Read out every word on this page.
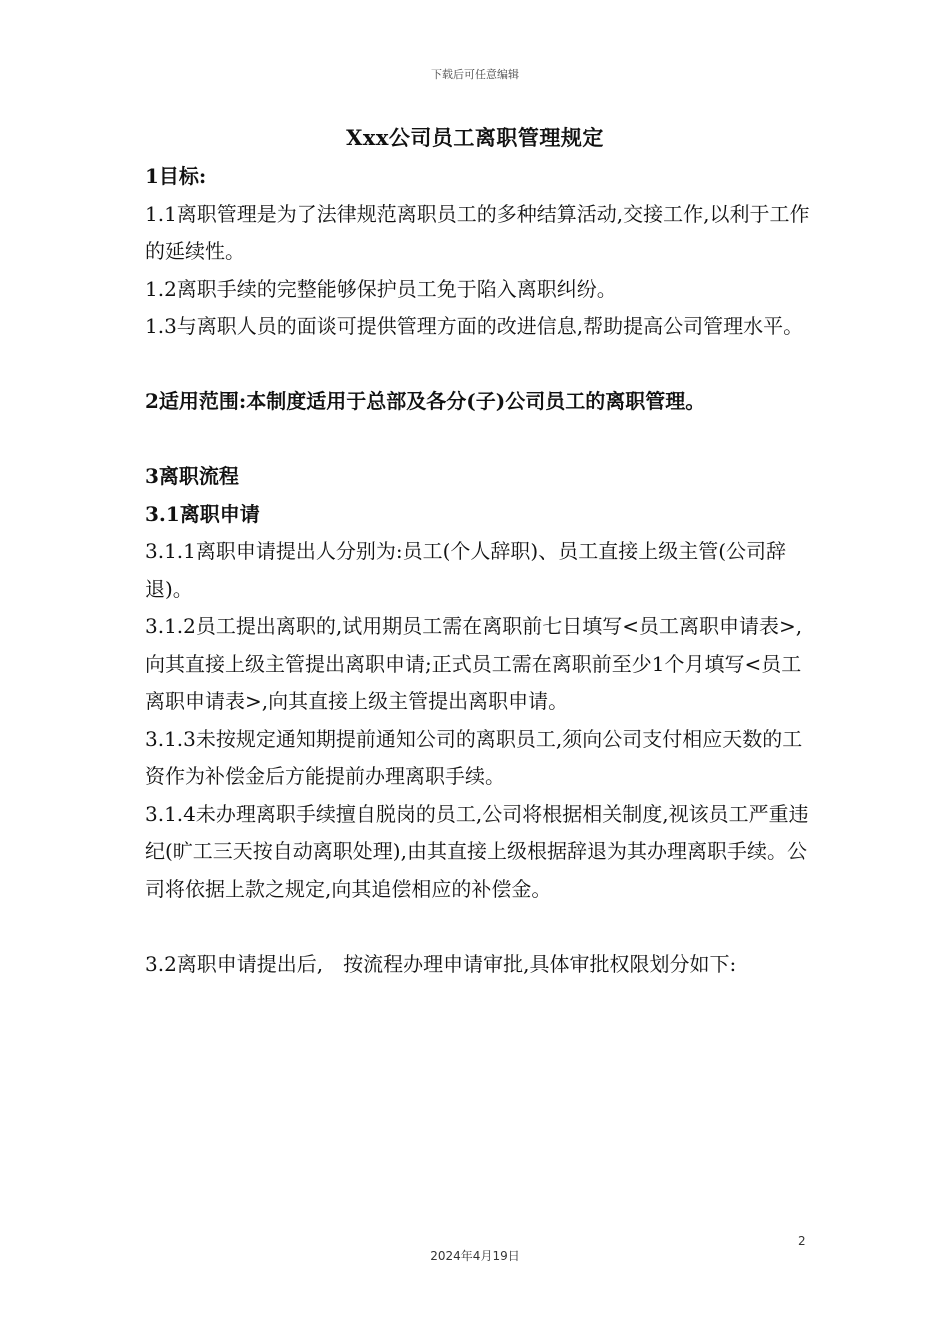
下载后可任意编辑
Xxx公司员工离职管理规定

1目标:

1.1离职管理是为了法律规范离职员工的多种结算活动,交接工作,以利于工作的延续性。

1.2离职手续的完整能够保护员工免于陷入离职纠纷。

1.3与离职人员的面谈可提供管理方面的改进信息,帮助提高公司管理水平。

2适用范围:本制度适用于总部及各分(子)公司员工的离职管理。

3离职流程

3.1离职申请

3.1.1离职申请提出人分别为:员工(个人辞职)、员工直接上级主管(公司辞退)。

3.1.2员工提出离职的,试用期员工需在离职前七日填写<员工离职申请表>,向其直接上级主管提出离职申请;正式员工需在离职前至少1个月填写<员工离职申请表>,向其直接上级主管提出离职申请。

3.1.3未按规定通知期提前通知公司的离职员工,须向公司支付相应天数的工资作为补偿金后方能提前办理离职手续。

3.1.4未办理离职手续擅自脱岗的员工,公司将根据相关制度,视该员工严重违纪(旷工三天按自动离职处理),由其直接上级根据辞退为其办理离职手续。公司将依据上款之规定,向其追偿相应的补偿金。

3.2离职申请提出后,　按流程办理申请审批,具体审批权限划分如下:

2
2024年4月19日
